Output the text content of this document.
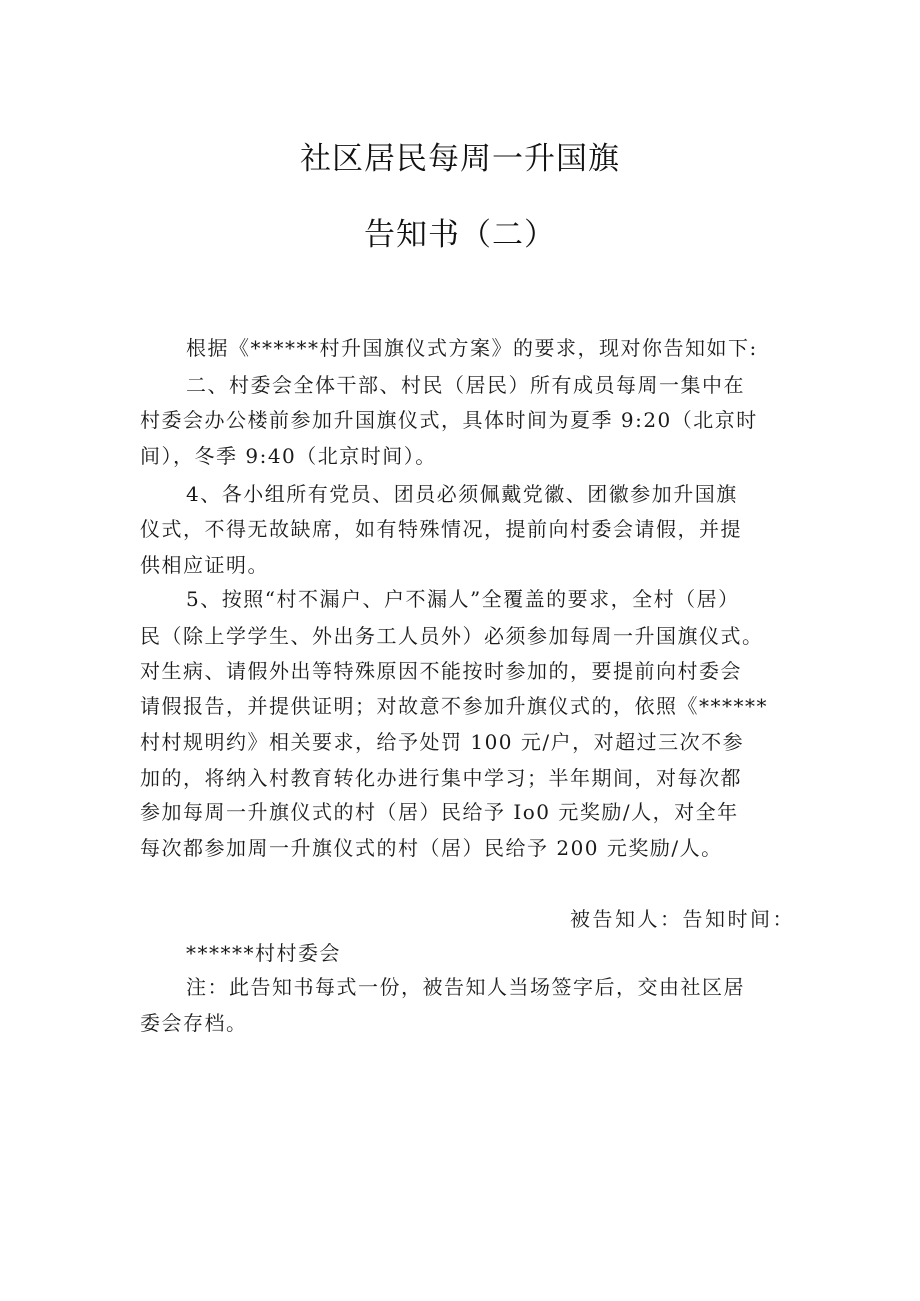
社区居民每周一升国旗
告知书（二）
根据《******村升国旗仪式方案》的要求，现对你告知如下:
二、村委会全体干部、村民（居民）所有成员每周一集中在
村委会办公楼前参加升国旗仪式，具体时间为夏季 9:20（北京时
间），冬季 9:40（北京时间）。
4、各小组所有党员、团员必须佩戴党徽、团徽参加升国旗
仪式，不得无故缺席，如有特殊情况，提前向村委会请假，并提
供相应证明。
5、按照“村不漏户、户不漏人”全覆盖的要求，全村（居）
民（除上学学生、外出务工人员外）必须参加每周一升国旗仪式。
对生病、请假外出等特殊原因不能按时参加的，要提前向村委会
请假报告，并提供证明；对故意不参加升旗仪式的，依照《******
村村规明约》相关要求，给予处罚 100 元/户，对超过三次不参
加的，将纳入村教育转化办进行集中学习；半年期间，对每次都
参加每周一升旗仪式的村（居）民给予 Io0 元奖励/人，对全年
每次都参加周一升旗仪式的村（居）民给予 200 元奖励/人。
被告知人：告知时间：
******村村委会
注：此告知书每式一份，被告知人当场签字后，交由社区居
委会存档。
